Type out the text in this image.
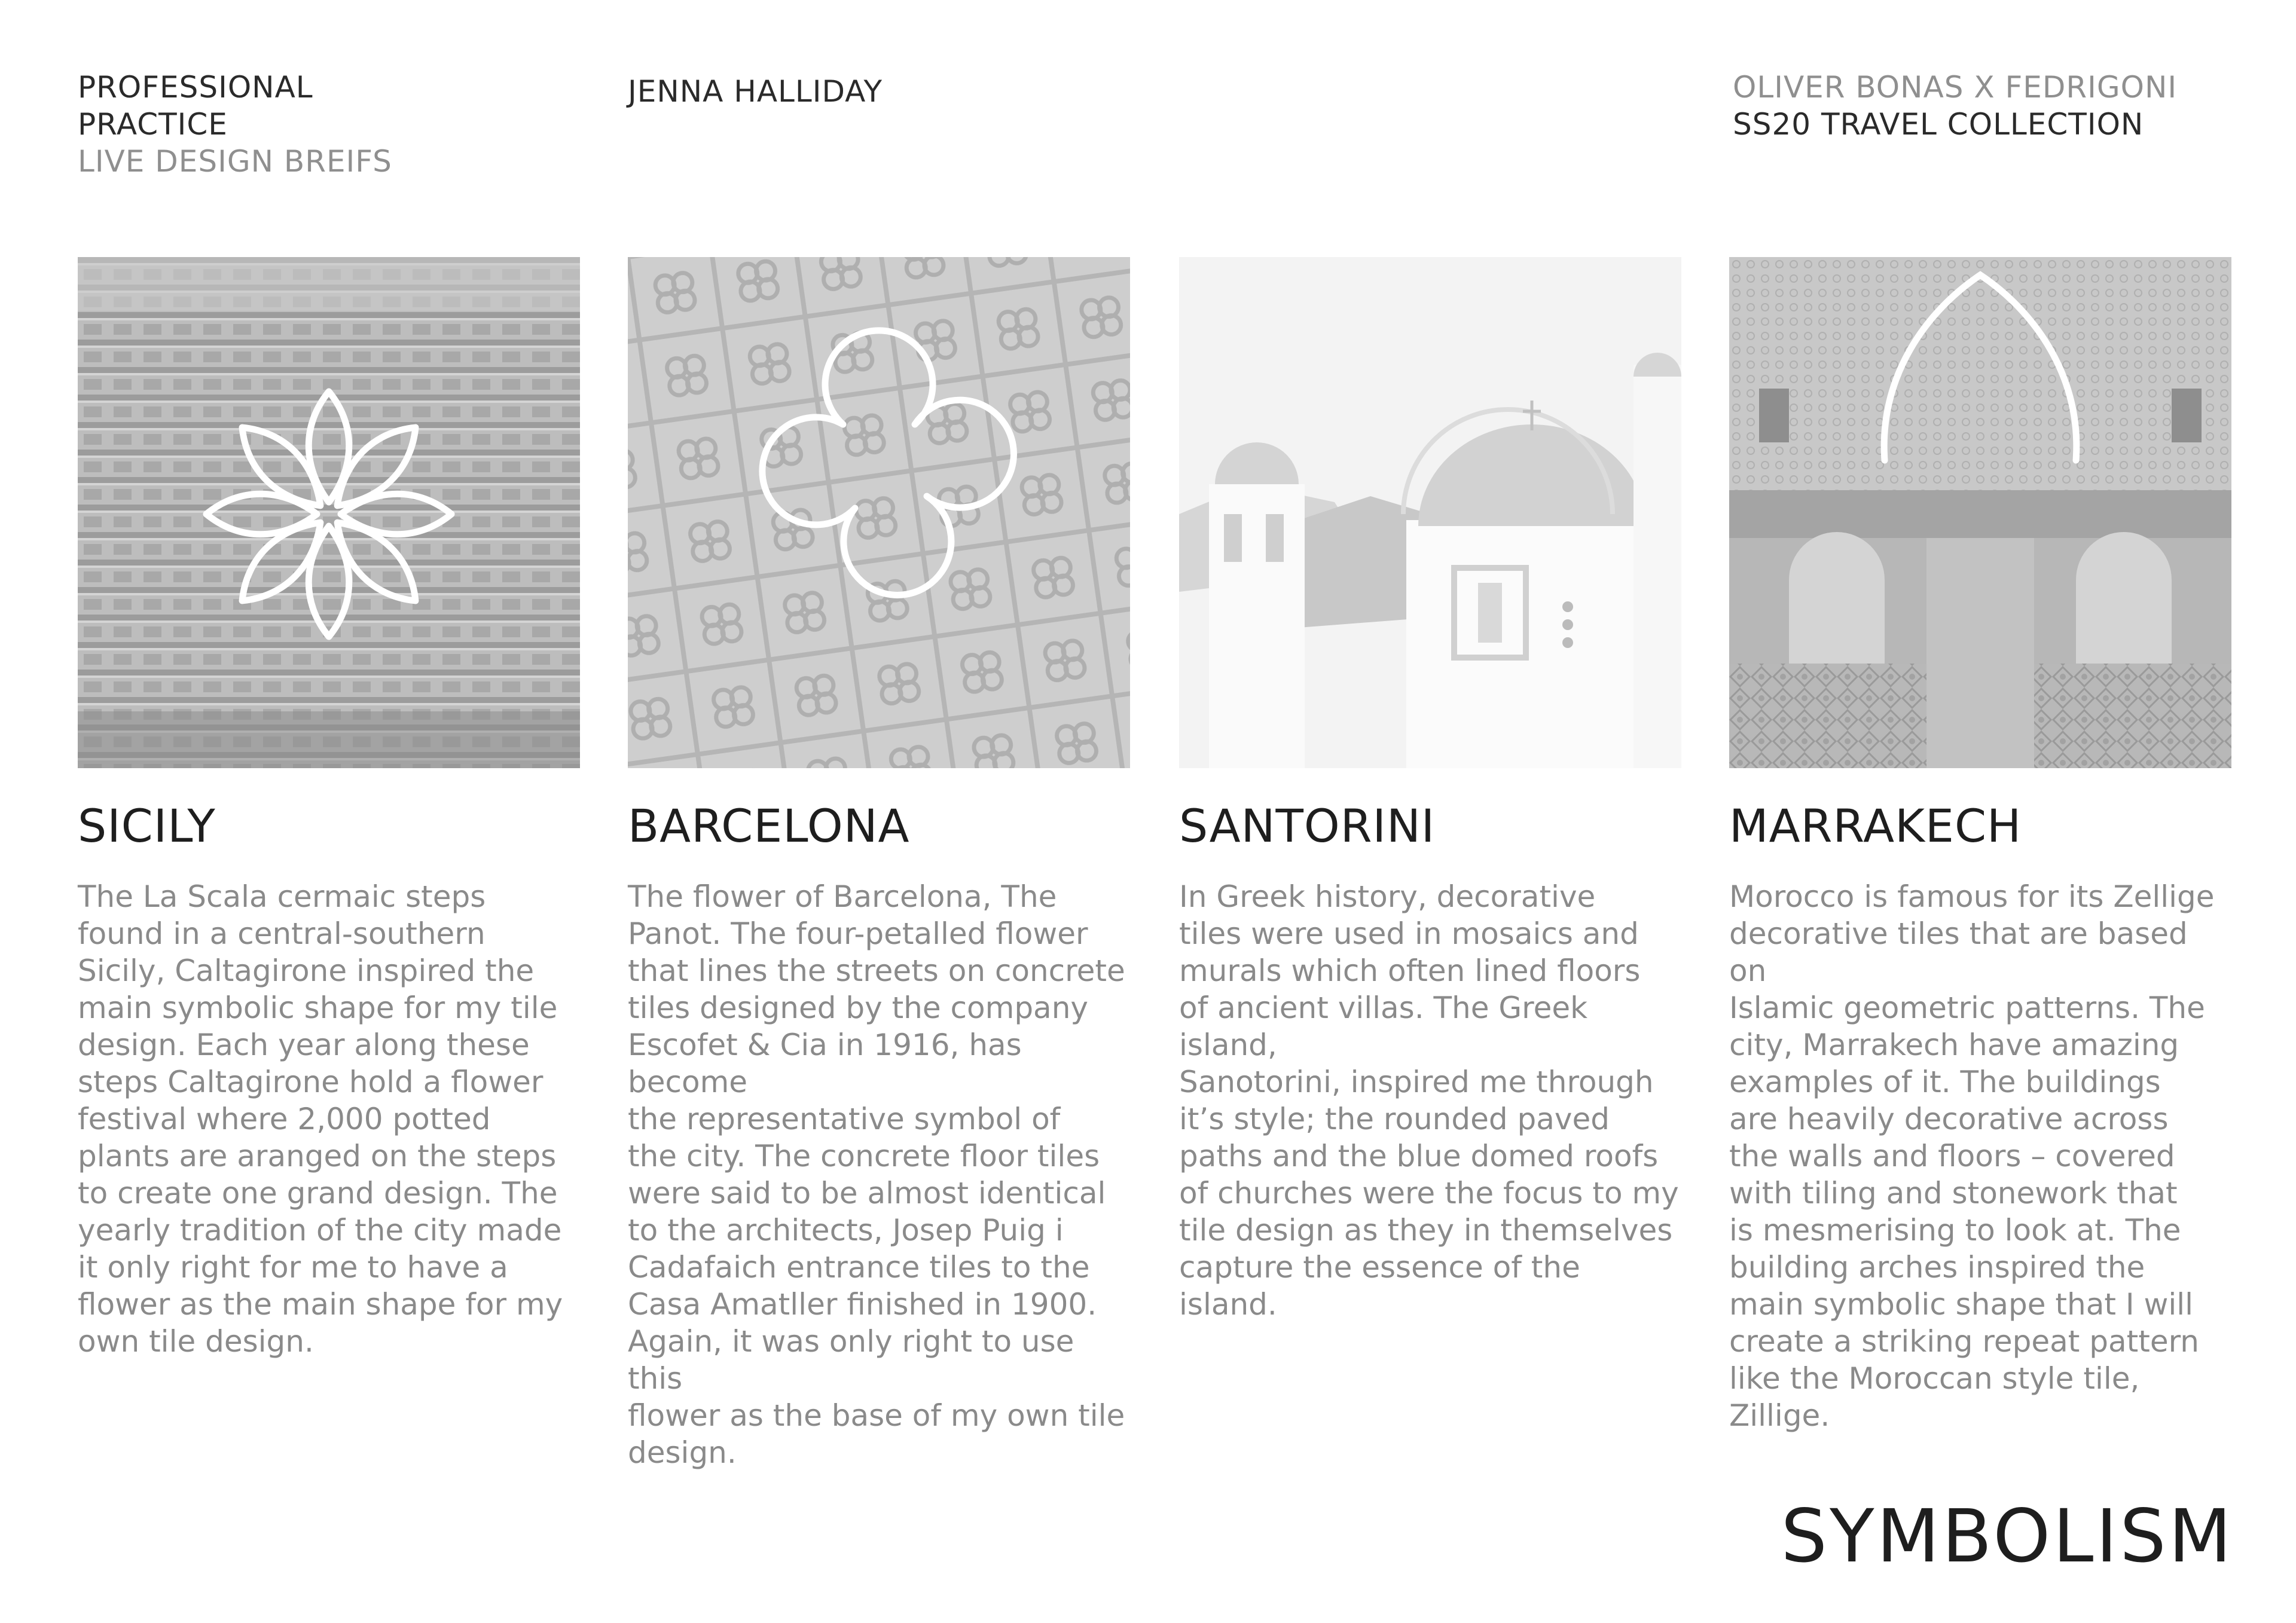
PROFESSIONAL
PRACTICE
LIVE DESIGN BREIFS
JENNA HALLIDAY	OLIVER BONAS X FEDRIGONI
SS20 TRAVEL COLLECTION
SICILY
The La Scala cermaic steps
found in a central-southern
Sicily, Caltagirone inspired the
main symbolic shape for my tile
design. Each year along these
steps Caltagirone hold a flower
festival where 2,000 potted
plants are aranged on the steps
to create one grand design. The
yearly tradition of the city made
it only right for me to have a
flower as the main shape for my
own tile design.
BARCELONA
The flower of Barcelona, The
Panot. The four-petalled flower
that lines the streets on concrete
tiles designed by the company
Escofet & Cia in 1916, has become
the representative symbol of
the city. The concrete floor tiles
were said to be almost identical
to the architects, Josep Puig i
Cadafaich entrance tiles to the
Casa Amatller finished in 1900.
Again, it was only right to use this
flower as the base of my own tile
design.
SANTORINI
In Greek history, decorative
tiles were used in mosaics and
murals which often lined floors
of ancient villas. The Greek island,
Sanotorini, inspired me through
it’s style; the rounded paved
paths and the blue domed roofs
of churches were the focus to my
tile design as they in themselves
capture the essence of the island.
MARRAKECH
Morocco is famous for its Zellige
decorative tiles that are based on
Islamic geometric patterns. The
city, Marrakech have amazing
examples of it. The buildings
are heavily decorative across
the walls and floors – covered
with tiling and stonework that
is mesmerising to look at. The
building arches inspired the
main symbolic shape that I will
create a striking repeat pattern
like the Moroccan style tile,
Zillige.
SYMBOLISM
